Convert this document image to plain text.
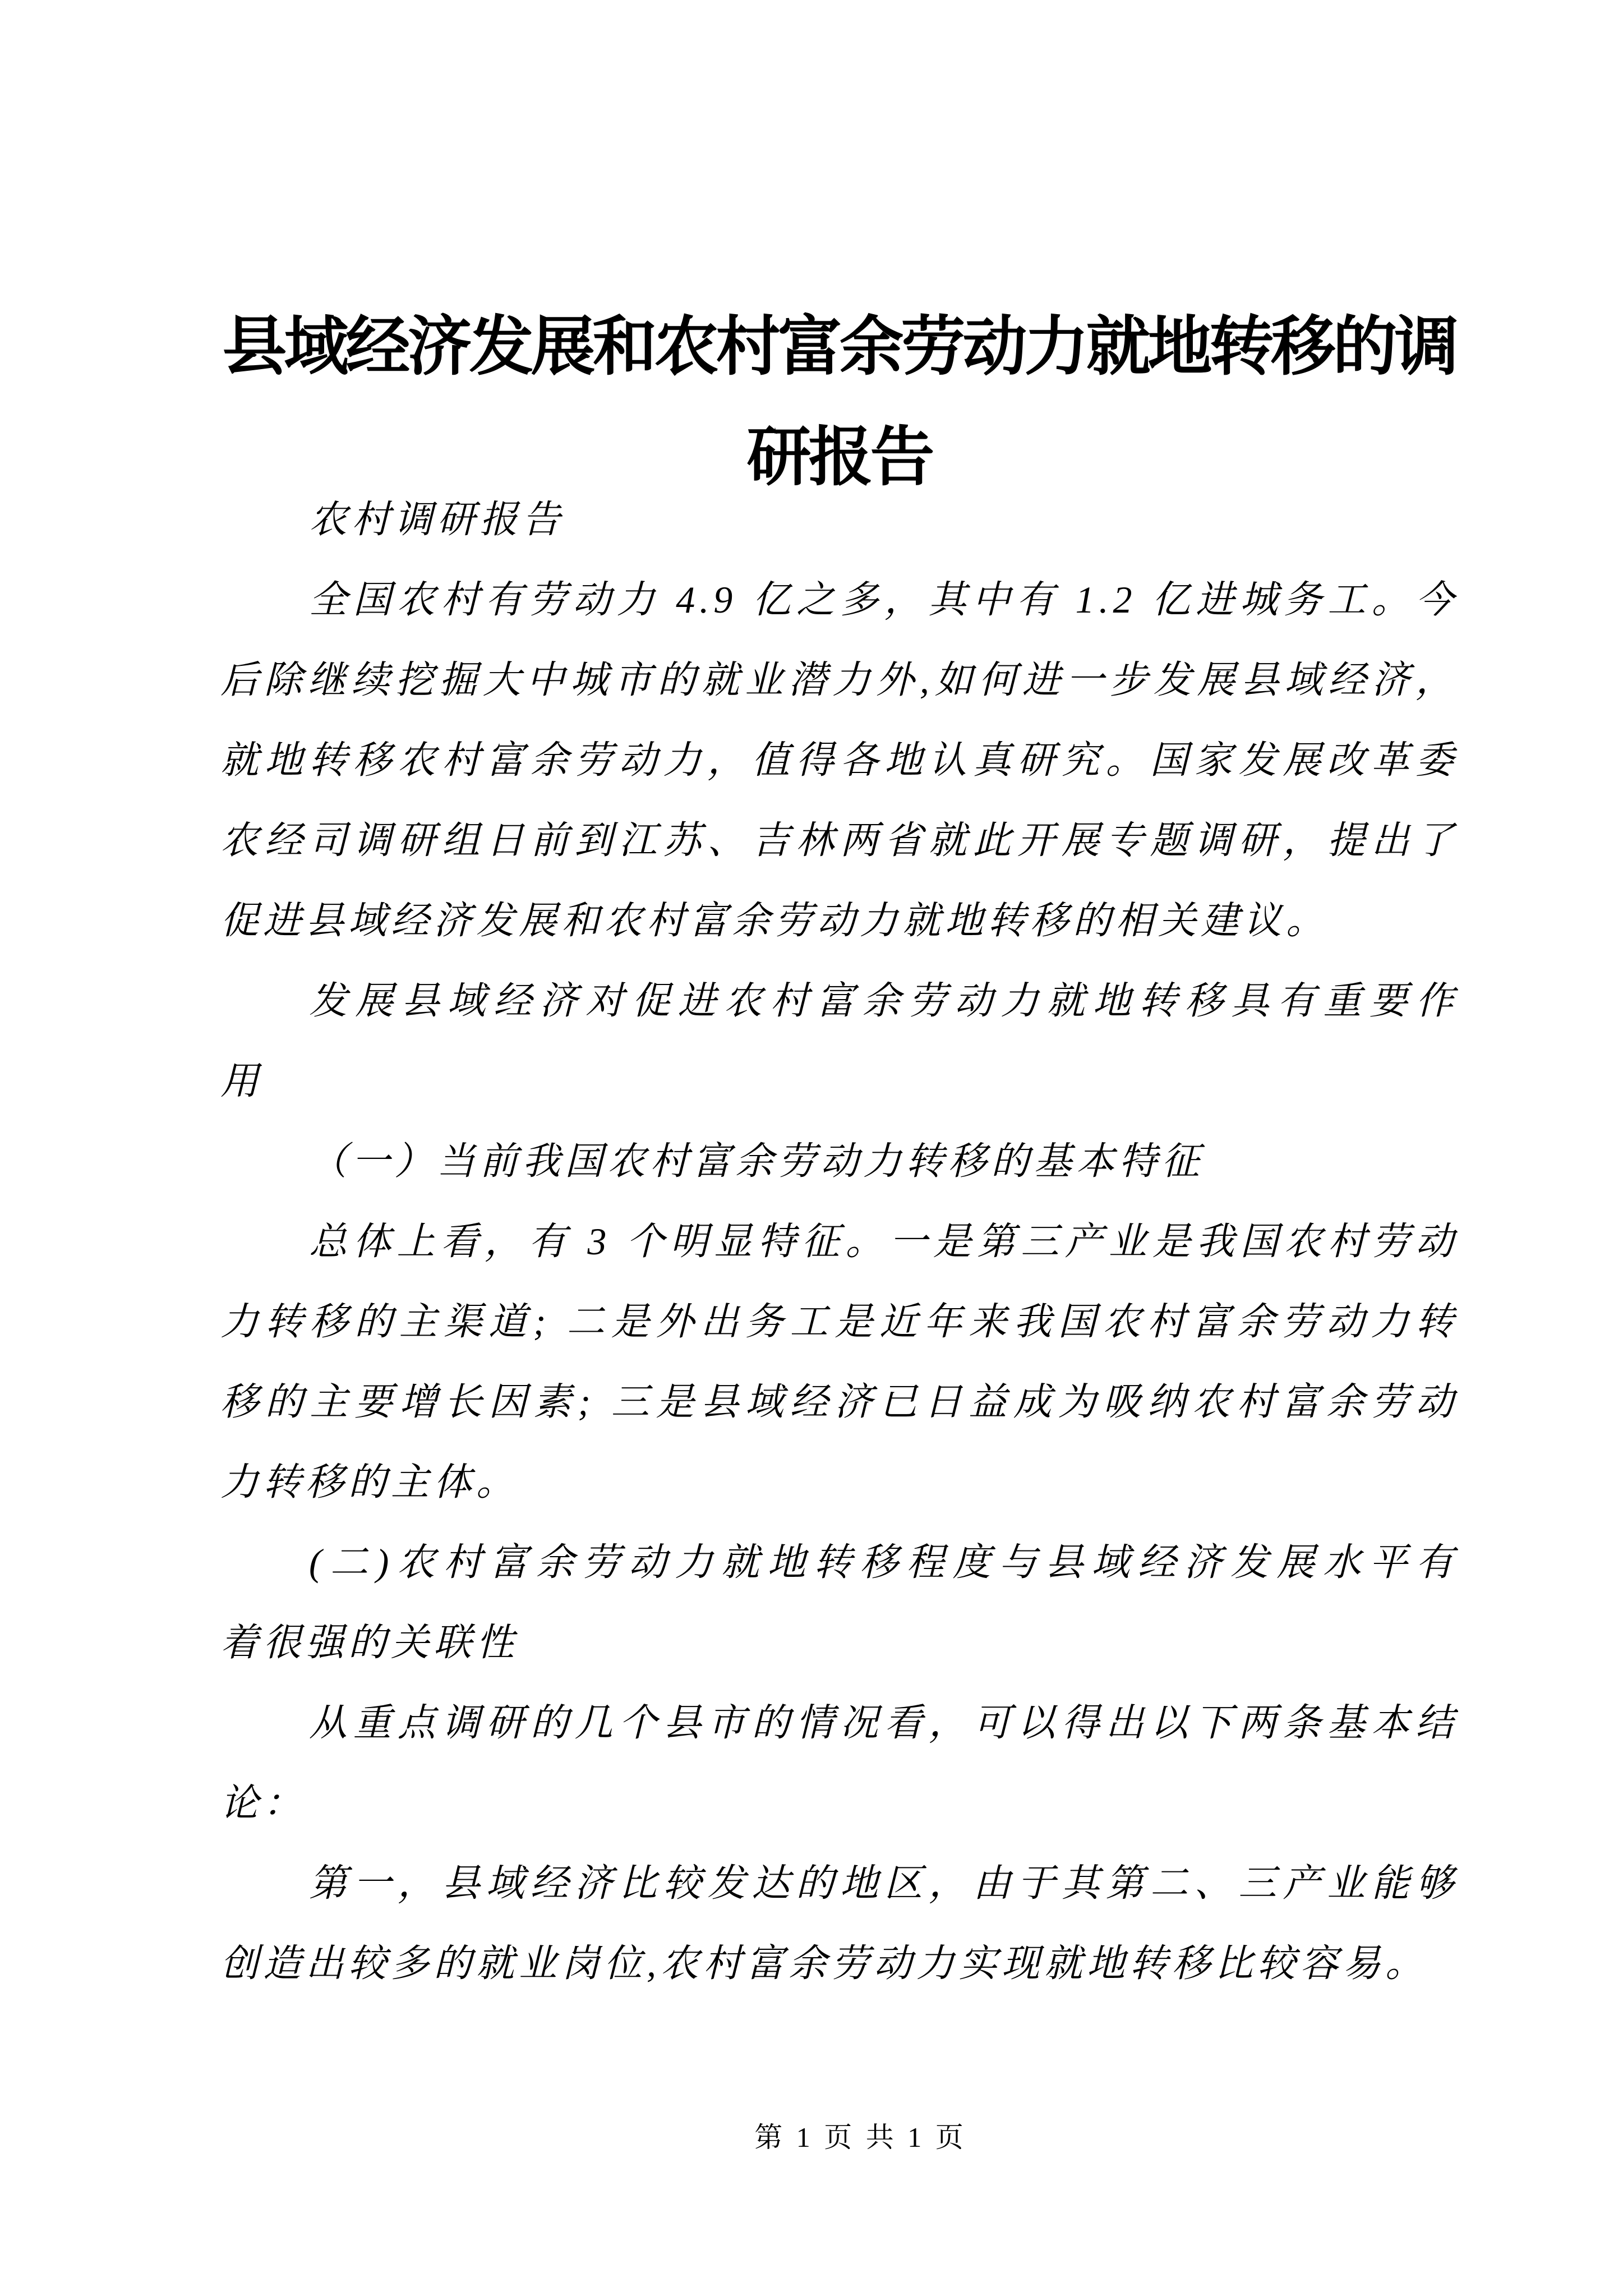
县域经济发展和农村富余劳动力就地转移的调
研报告
农村调研报告
全国农村有劳动力 4.9 亿之多，其中有 1.2 亿进城务工。今
后除继续挖掘大中城市的就业潜力外,如何进一步发展县域经济，
就地转移农村富余劳动力，值得各地认真研究。国家发展改革委
农经司调研组日前到江苏、吉林两省就此开展专题调研，提出了
促进县域经济发展和农村富余劳动力就地转移的相关建议。
发展县域经济对促进农村富余劳动力就地转移具有重要作
用
（一）当前我国农村富余劳动力转移的基本特征
总体上看，有 3 个明显特征。一是第三产业是我国农村劳动
力转移的主渠道; 二是外出务工是近年来我国农村富余劳动力转
移的主要增长因素; 三是县域经济已日益成为吸纳农村富余劳动
力转移的主体。
(二)农村富余劳动力就地转移程度与县域经济发展水平有
着很强的关联性
从重点调研的几个县市的情况看，可以得出以下两条基本结
论：
第一，县域经济比较发达的地区，由于其第二、三产业能够
创造出较多的就业岗位,农村富余劳动力实现就地转移比较容易。
第 1 页 共 1 页
